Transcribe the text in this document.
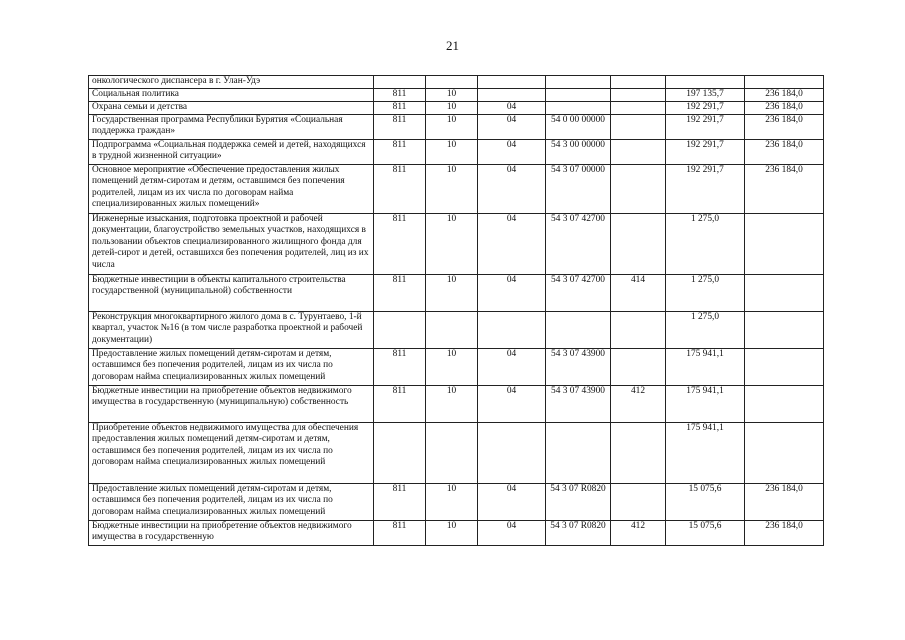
21
онкологического диспансера в г. Улан-Удэ							
Социальная политика	811	10				197 135,7	236 184,0
Охрана семьи и детства	811	10	04			192 291,7	236 184,0
Государственная программа Республики Бурятия «Социальная поддержка граждан»	811	10	04	54 0 00 00000		192 291,7	236 184,0
Подпрограмма «Социальная поддержка семей и детей, находящихся в трудной жизненной ситуации»	811	10	04	54 3 00 00000		192 291,7	236 184,0
Основное мероприятие «Обеспечение предоставления жилых помещений детям-сиротам и детям, оставшимся без попечения родителей, лицам из их числа по договорам найма специализированных жилых помещений»	811	10	04	54 3 07 00000		192 291,7	236 184,0
Инженерные изыскания, подготовка проектной и рабочей документации, благоустройство земельных участков, находящихся в пользовании объектов специализированного жилищного фонда для детей-сирот и детей, оставшихся без попечения родителей, лиц из их числа	811	10	04	54 3 07 42700		1 275,0	
Бюджетные инвестиции в объекты капитального строительства государственной (муниципальной) собственности	811	10	04	54 3 07 42700	414	1 275,0	
Реконструкция многоквартирного жилого дома в с. Турунтаево, 1-й квартал, участок №16 (в том числе разработка проектной и рабочей документации)						1 275,0	
Предоставление жилых помещений детям-сиротам и детям, оставшимся без попечения родителей, лицам из их числа по договорам найма специализированных жилых помещений	811	10	04	54 3 07 43900		175 941,1	
Бюджетные инвестиции на приобретение объектов недвижимого имущества в государственную (муниципальную) собственность	811	10	04	54 3 07 43900	412	175 941,1	
Приобретение объектов недвижимого имущества для обеспечения предоставления жилых помещений детям-сиротам и детям, оставшимся без попечения родителей, лицам из их числа по договорам найма специализированных жилых помещений						175 941,1	
Предоставление жилых помещений детям-сиротам и детям, оставшимся без попечения родителей, лицам из их числа по договорам найма специализированных жилых помещений	811	10	04	54 3 07 R0820		15 075,6	236 184,0
Бюджетные инвестиции на приобретение объектов недвижимого имущества в государственную	811	10	04	54 3 07 R0820	412	15 075,6	236 184,0
